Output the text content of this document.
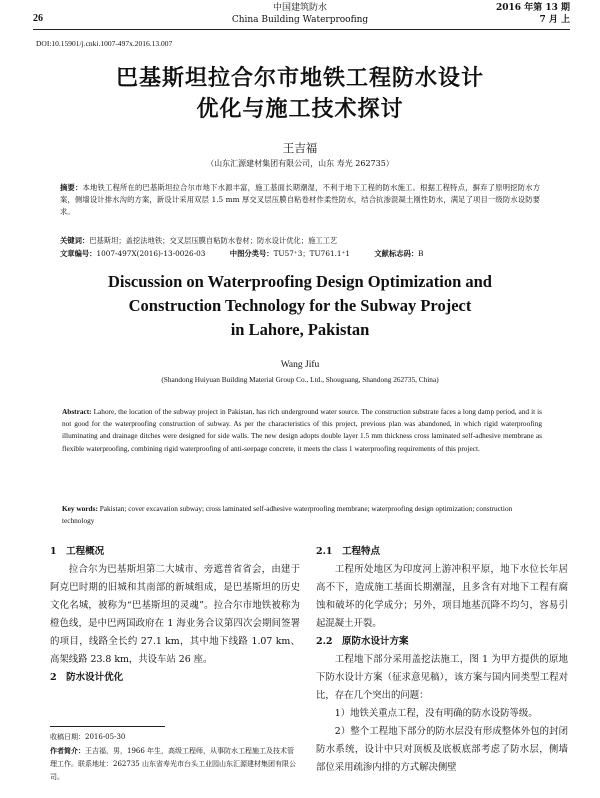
26
中国建筑防水
China Building Waterproofing
2016 年第 13 期
7 月 上
DOI:10.15901/j.cnki.1007-497x.2016.13.007
巴基斯坦拉合尔市地铁工程防水设计
优化与施工技术探讨
王吉福
（山东汇源建材集团有限公司，山东 寿光 262735）
摘要：本地铁工程所在的巴基斯坦拉合尔市地下水源丰富，施工基面长期潮湿，不利于地下工程的防水施工。根据工程特点，摒弃了原明挖防水方案，侧墙设计排水沟的方案，新设计采用双层 1.5 mm 厚交叉层压膜自粘卷材作柔性防水，结合抗渗混凝土刚性防水，满足了项目一级防水设防要求。
关键词：巴基斯坦；盖挖法地铁；交叉层压膜自粘防水卷材；防水设计优化；施工工艺
文章编号：1007-497X(2016)-13-0026-03	中图分类号：TU57⁺3；TU761.1⁺1	文献标志码：B
Discussion on Waterproofing Design Optimization and
Construction Technology for the Subway Project
in Lahore, Pakistan
Wang Jifu
(Shandong Huiyuan Building Material Group Co., Ltd., Shouguang, Shandong 262735, China)
Abstract: Lahore, the location of the subway project in Pakistan, has rich underground water source. The construction substrate faces a long damp period, and it is not good for the waterproofing construction of subway. As per the characteristics of this project, previous plan was abandoned, in which rigid waterproofing illuminating and drainage ditches were designed for side walls. The new design adopts double layer 1.5 mm thickness cross laminated self-adhesive membrane as flexible waterproofing, combining rigid waterproofing of anti-seepage concrete, it meets the class 1 waterproofing requirements of this project.
Key words: Pakistan; cover excavation subway; cross laminated self-adhesive waterproofing membrane; waterproofing design optimization; construction technology

1　工程概况

拉合尔为巴基斯坦第二大城市、旁遮普省省会，由建于阿克巴时期的旧城和其南部的新城组成，是巴基斯坦的历史文化名城，被称为“巴基斯坦的灵魂”。拉合尔市地铁被称为橙色线，是中巴两国政府在 1 海业务合议第四次会期间签署的项目，线路全长约 27.1 km，其中地下线路 1.07 km、高架线路 23.8 km，共设车站 26 座。

2　防水设计优化

收稿日期：2016-05-30
作者简介：王吉福，男，1966 年生，高级工程师，从事防水工程施工及技术管理工作。联系地址：262735 山东省寿光市台头工业园山东汇源建材集团有限公司。

2.1　工程特点

工程所处地区为印度河上游冲积平原，地下水位长年居高不下，造成施工基面长期潮湿，且多含有对地下工程有腐蚀和破坏的化学成分；另外，项目地基沉降不均匀，容易引起混凝土开裂。

2.2　原防水设计方案

工程地下部分采用盖挖法施工，图 1 为甲方提供的原地下防水设计方案（征求意见稿），该方案与国内同类型工程对比，存在几个突出的问题：

1）地铁关重点工程，没有明确的防水设防等级。

2）整个工程地下部分的防水层没有形成整体外包的封闭防水系统，设计中只对顶板及底板底部考虑了防水层，侧墙部位采用疏渗内排的方式解决侧壁
